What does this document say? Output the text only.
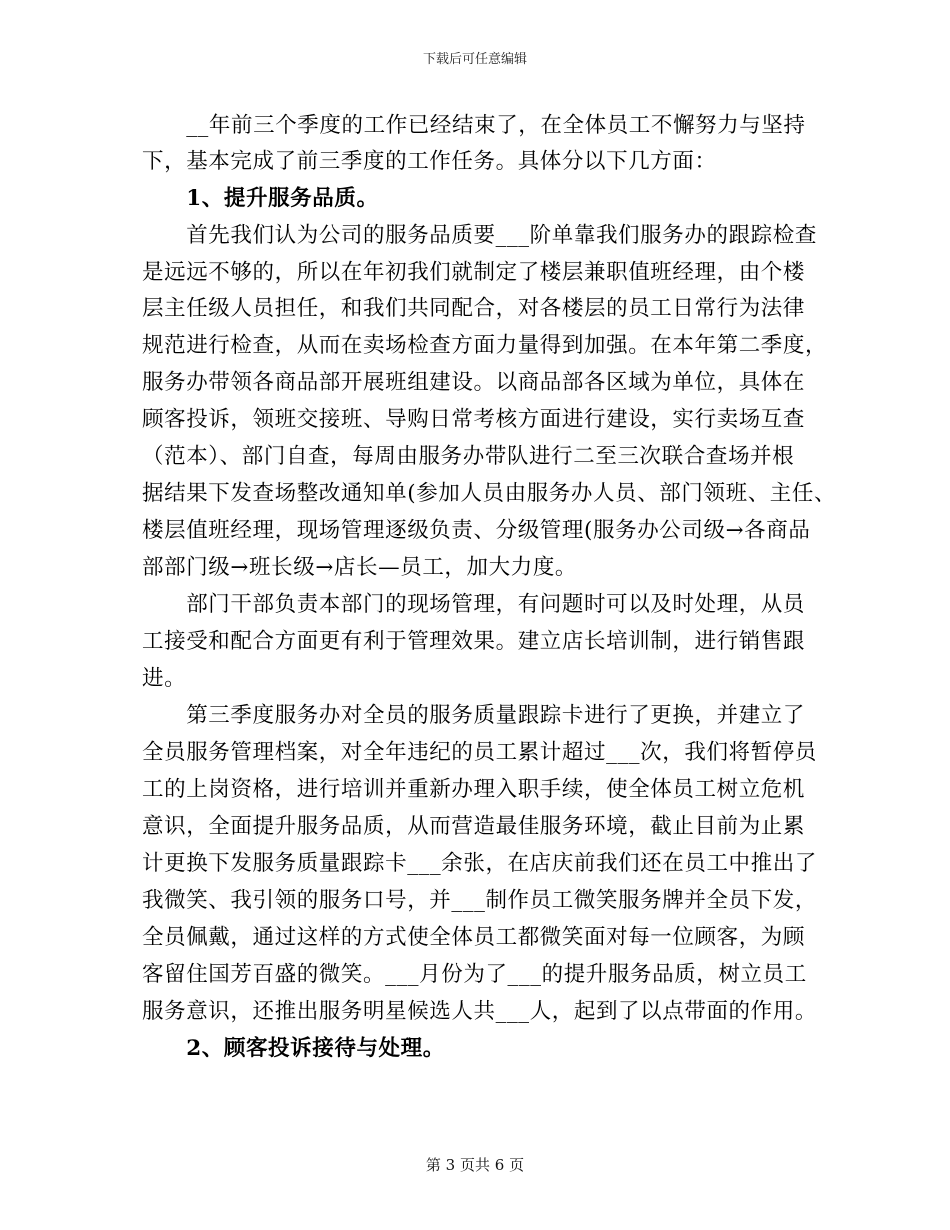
下载后可任意编辑
　　__年前三个季度的工作已经结束了，在全体员工不懈努力与坚持
下，基本完成了前三季度的工作任务。具体分以下几方面：
　　1、提升服务品质。
　　首先我们认为公司的服务品质要___阶单靠我们服务办的跟踪检查
是远远不够的，所以在年初我们就制定了楼层兼职值班经理，由个楼
层主任级人员担任，和我们共同配合，对各楼层的员工日常行为法律
规范进行检查，从而在卖场检查方面力量得到加强。在本年第二季度，
服务办带领各商品部开展班组建设。以商品部各区域为单位，具体在
顾客投诉，领班交接班、导购日常考核方面进行建设，实行卖场互查
（范本）、部门自查，每周由服务办带队进行二至三次联合查场并根
据结果下发查场整改通知单(参加人员由服务办人员、部门领班、主任、
楼层值班经理，现场管理逐级负责、分级管理(服务办公司级→各商品
部部门级→班长级→店长—员工，加大力度。
　　部门干部负责本部门的现场管理，有问题时可以及时处理，从员
工接受和配合方面更有利于管理效果。建立店长培训制，进行销售跟
进。
　　第三季度服务办对全员的服务质量跟踪卡进行了更换，并建立了
全员服务管理档案，对全年违纪的员工累计超过___次，我们将暂停员
工的上岗资格，进行培训并重新办理入职手续，使全体员工树立危机
意识，全面提升服务品质，从而营造最佳服务环境，截止目前为止累
计更换下发服务质量跟踪卡___余张，在店庆前我们还在员工中推出了
我微笑、我引领的服务口号，并___制作员工微笑服务牌并全员下发，
全员佩戴，通过这样的方式使全体员工都微笑面对每一位顾客，为顾
客留住国芳百盛的微笑。___月份为了___的提升服务品质，树立员工
服务意识，还推出服务明星候选人共___人，起到了以点带面的作用。
　　2、顾客投诉接待与处理。
第 3 页共 6 页
